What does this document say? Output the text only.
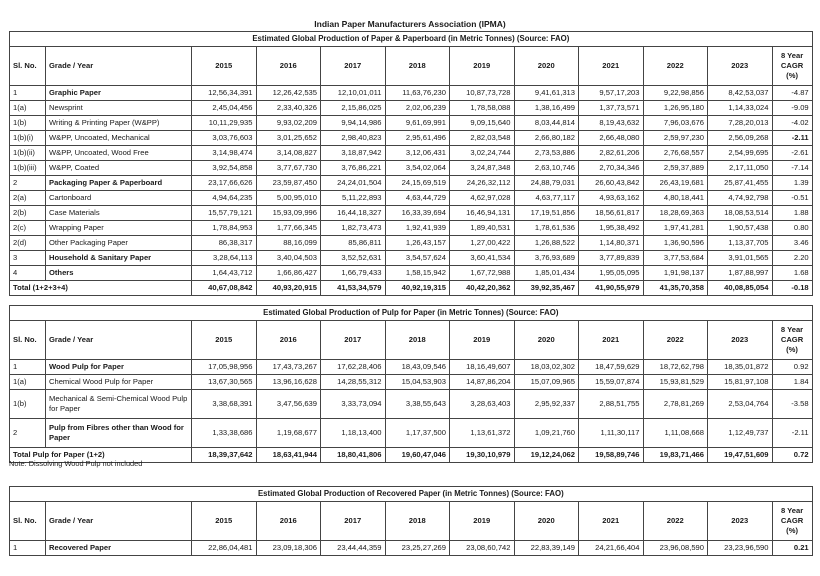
Indian Paper Manufacturers Association (IPMA)
Estimated Global Production of Paper & Paperboard (in Metric Tonnes) (Source: FAO)											
Sl. No.	Grade / Year	2015	2016	2017	2018	2019	2020	2021	2022	2023	8 Year
CAGR
(%)

1	Graphic Paper	12,56,34,391	12,26,42,535	12,10,01,011	11,63,76,230	10,87,73,728	9,41,61,313	9,57,17,203	9,22,98,856	8,42,53,037	-4.87
1(a)	Newsprint	2,45,04,456	2,33,40,326	2,15,86,025	2,02,06,239	1,78,58,088	1,38,16,499	1,37,73,571	1,26,95,180	1,14,33,024	-9.09
1(b)	Writing & Printing Paper (W&PP)	10,11,29,935	9,93,02,209	9,94,14,986	9,61,69,991	9,09,15,640	8,03,44,814	8,19,43,632	7,96,03,676	7,28,20,013	-4.02
1(b)(i)	W&PP, Uncoated, Mechanical	3,03,76,603	3,01,25,652	2,98,40,823	2,95,61,496	2,82,03,548	2,66,80,182	2,66,48,080	2,59,97,230	2,56,09,268	-2.11
1(b)(ii)	W&PP, Uncoated, Wood Free	3,14,98,474	3,14,08,827	3,18,87,942	3,12,06,431	3,02,24,744	2,73,53,886	2,82,61,206	2,76,68,557	2,54,99,695	-2.61
1(b)(iii)	W&PP, Coated	3,92,54,858	3,77,67,730	3,76,86,221	3,54,02,064	3,24,87,348	2,63,10,746	2,70,34,346	2,59,37,889	2,17,11,050	-7.14
2	Packaging Paper & Paperboard	23,17,66,626	23,59,87,450	24,24,01,504	24,15,69,519	24,26,32,112	24,88,79,031	26,60,43,842	26,43,19,681	25,87,41,455	1.39
2(a)	Cartonboard	4,94,64,235	5,00,95,010	5,11,22,893	4,63,44,729	4,62,97,028	4,63,77,117	4,93,63,162	4,80,18,441	4,74,92,798	-0.51
2(b)	Case Materials	15,57,79,121	15,93,09,996	16,44,18,327	16,33,39,694	16,46,94,131	17,19,51,856	18,56,61,817	18,28,69,363	18,08,53,514	1.88
2(c)	Wrapping Paper	1,78,84,953	1,77,66,345	1,82,73,473	1,92,41,939	1,89,40,531	1,78,61,536	1,95,38,492	1,97,41,281	1,90,57,438	0.80
2(d)	Other Packaging Paper	86,38,317	88,16,099	85,86,811	1,26,43,157	1,27,00,422	1,26,88,522	1,14,80,371	1,36,90,596	1,13,37,705	3.46
3	Household & Sanitary Paper	3,28,64,113	3,40,04,503	3,52,52,631	3,54,57,624	3,60,41,534	3,76,93,689	3,77,89,839	3,77,53,684	3,91,01,565	2.20
4	Others	1,64,43,712	1,66,86,427	1,66,79,433	1,58,15,942	1,67,72,988	1,85,01,434	1,95,05,095	1,91,98,137	1,87,88,997	1.68
Total (1+2+3+4)		40,67,08,842	40,93,20,915	41,53,34,579	40,92,19,315	40,42,20,362	39,92,35,467	41,90,55,979	41,35,70,358	40,08,85,054	-0.18
Estimated Global Production of Pulp for Paper (in Metric Tonnes) (Source: FAO)											
Sl. No.	Grade / Year	2015	2016	2017	2018	2019	2020	2021	2022	2023	8 Year
CAGR
(%)

1	Wood Pulp for Paper	17,05,98,956	17,43,73,267	17,62,28,406	18,43,09,546	18,16,49,607	18,03,02,302	18,47,59,629	18,72,62,798	18,35,01,872	0.92
1(a)	Chemical Wood Pulp for Paper	13,67,30,565	13,96,16,628	14,28,55,312	15,04,53,903	14,87,86,204	15,07,09,965	15,59,07,874	15,93,81,529	15,81,97,108	1.84
1(b)	Mechanical & Semi-Chemical Wood Pulp for Paper	3,38,68,391	3,47,56,639	3,33,73,094	3,38,55,643	3,28,63,403	2,95,92,337	2,88,51,755	2,78,81,269	2,53,04,764	-3.58
2	Pulp from Fibres other than Wood for Paper	1,33,38,686	1,19,68,677	1,18,13,400	1,17,37,500	1,13,61,372	1,09,21,760	1,11,30,117	1,11,08,668	1,12,49,737	-2.11
Total Pulp for Paper (1+2)		18,39,37,642	18,63,41,944	18,80,41,806	19,60,47,046	19,30,10,979	19,12,24,062	19,58,89,746	19,83,71,466	19,47,51,609	0.72
Note: Dissolving Wood Pulp not included
Estimated Global Production of Recovered Paper (in Metric Tonnes) (Source: FAO)											
Sl. No.	Grade / Year	2015	2016	2017	2018	2019	2020	2021	2022	2023	8 Year
CAGR
(%)

1	Recovered Paper	22,86,04,481	23,09,18,306	23,44,44,359	23,25,27,269	23,08,60,742	22,83,39,149	24,21,66,404	23,96,08,590	23,23,96,590	0.21
